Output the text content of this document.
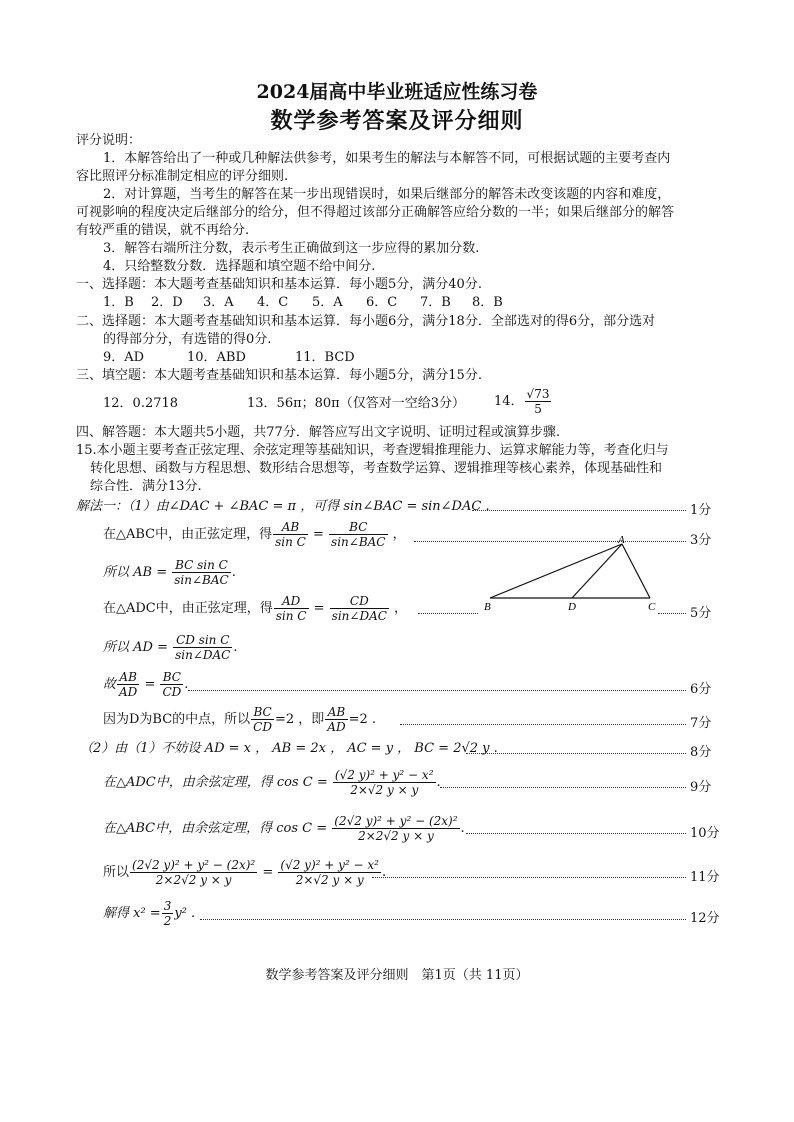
2024届高中毕业班适应性练习卷
数学参考答案及评分细则
评分说明：
1．本解答给出了一种或几种解法供参考，如果考生的解法与本解答不同，可根据试题的主要考查内
容比照评分标准制定相应的评分细则.
2．对计算题，当考生的解答在某一步出现错误时，如果后继部分的解答未改变该题的内容和难度，
可视影响的程度决定后继部分的给分，但不得超过该部分正确解答应给分数的一半；如果后继部分的解答
有较严重的错误，就不再给分.
3．解答右端所注分数，表示考生正确做到这一步应得的累加分数.
4．只给整数分数．选择题和填空题不给中间分.
一、选择题：本大题考查基础知识和基本运算．每小题5分，满分40分.
1．B 2．D 3．A 4．C 5．A 6．C 7．B 8．B
二、选择题：本大题考查基础知识和基本运算．每小题6分，满分18分．全部选对的得6分，部分选对
的得部分分，有选错的得0分.
9．AD	10．ABD	11．BCD
三、填空题：本大题考查基础知识和基本运算．每小题5分，满分15分.
12．0.2718	13．56π；80π（仅答对一空给3分） 14． $\frac{√73}{5}$
四、解答题：本大题共5小题，共77分．解答应写出文字说明、证明过程或演算步骤.
15.本小题主要考查正弦定理、余弦定理等基础知识，考查逻辑推理能力、运算求解能力等，考查化归与
转化思想、函数与方程思想、数形结合思想等，考查数学运算、逻辑推理等核心素养，体现基础性和
综合性．满分13分.
解法一：（1）由∠DAC + ∠BAC = π ，可得 sin∠BAC = sin∠DAC .	1分
在△ABC中，由正弦定理，得 $\frac{AB}{\text{sin C}} = \frac{BC}{\text{sin∠BAC}}$ ，	3分
所以 AB = $\frac{\text{BC sin C}}{\text{sin∠BAC}}$ .
A
B	D	C
在△ADC中，由正弦定理，得 $\frac{AD}{\text{sin C}} = \frac{CD}{\text{sin∠DAC}}$ ，	5分
所以 AD = $\frac{\text{CD sin C}}{\text{sin∠DAC}}$ .
故 $\frac{AB}{AD} = \frac{BC}{CD}$ .	6分
因为D为BC的中点，所以 $\frac{BC}{CD} =2$ ，即 $\frac{AB}{AD} =2$ .	7分
（2）由（1）不妨设 AD = x ， AB = 2x ， AC = y ， BC = 2√2 y .	8分
在△ADC中，由余弦定理，得 $\cos C = \frac{\text{(√2 y)² + y² − x²}}{2\times√2 y \times y}$ .	9分
在△ABC中，由余弦定理，得 $\cos C = \frac{\text{(2√2 y)² + y² − (2x)²}}{2\times 2√2 y \times y}$ .	10分
所以 $\frac{\text{(2√2 y)² + y² − (2x)²}}{2\times 2√2 y \times y} = \frac{\text{(√2 y)² + y² − x²}}{2\times√2 y \times y}$ .	11分
解得 $x^2 = \frac{3}{2} y^2$ .	12分
数学参考答案及评分细则　第1页（共 11页）
